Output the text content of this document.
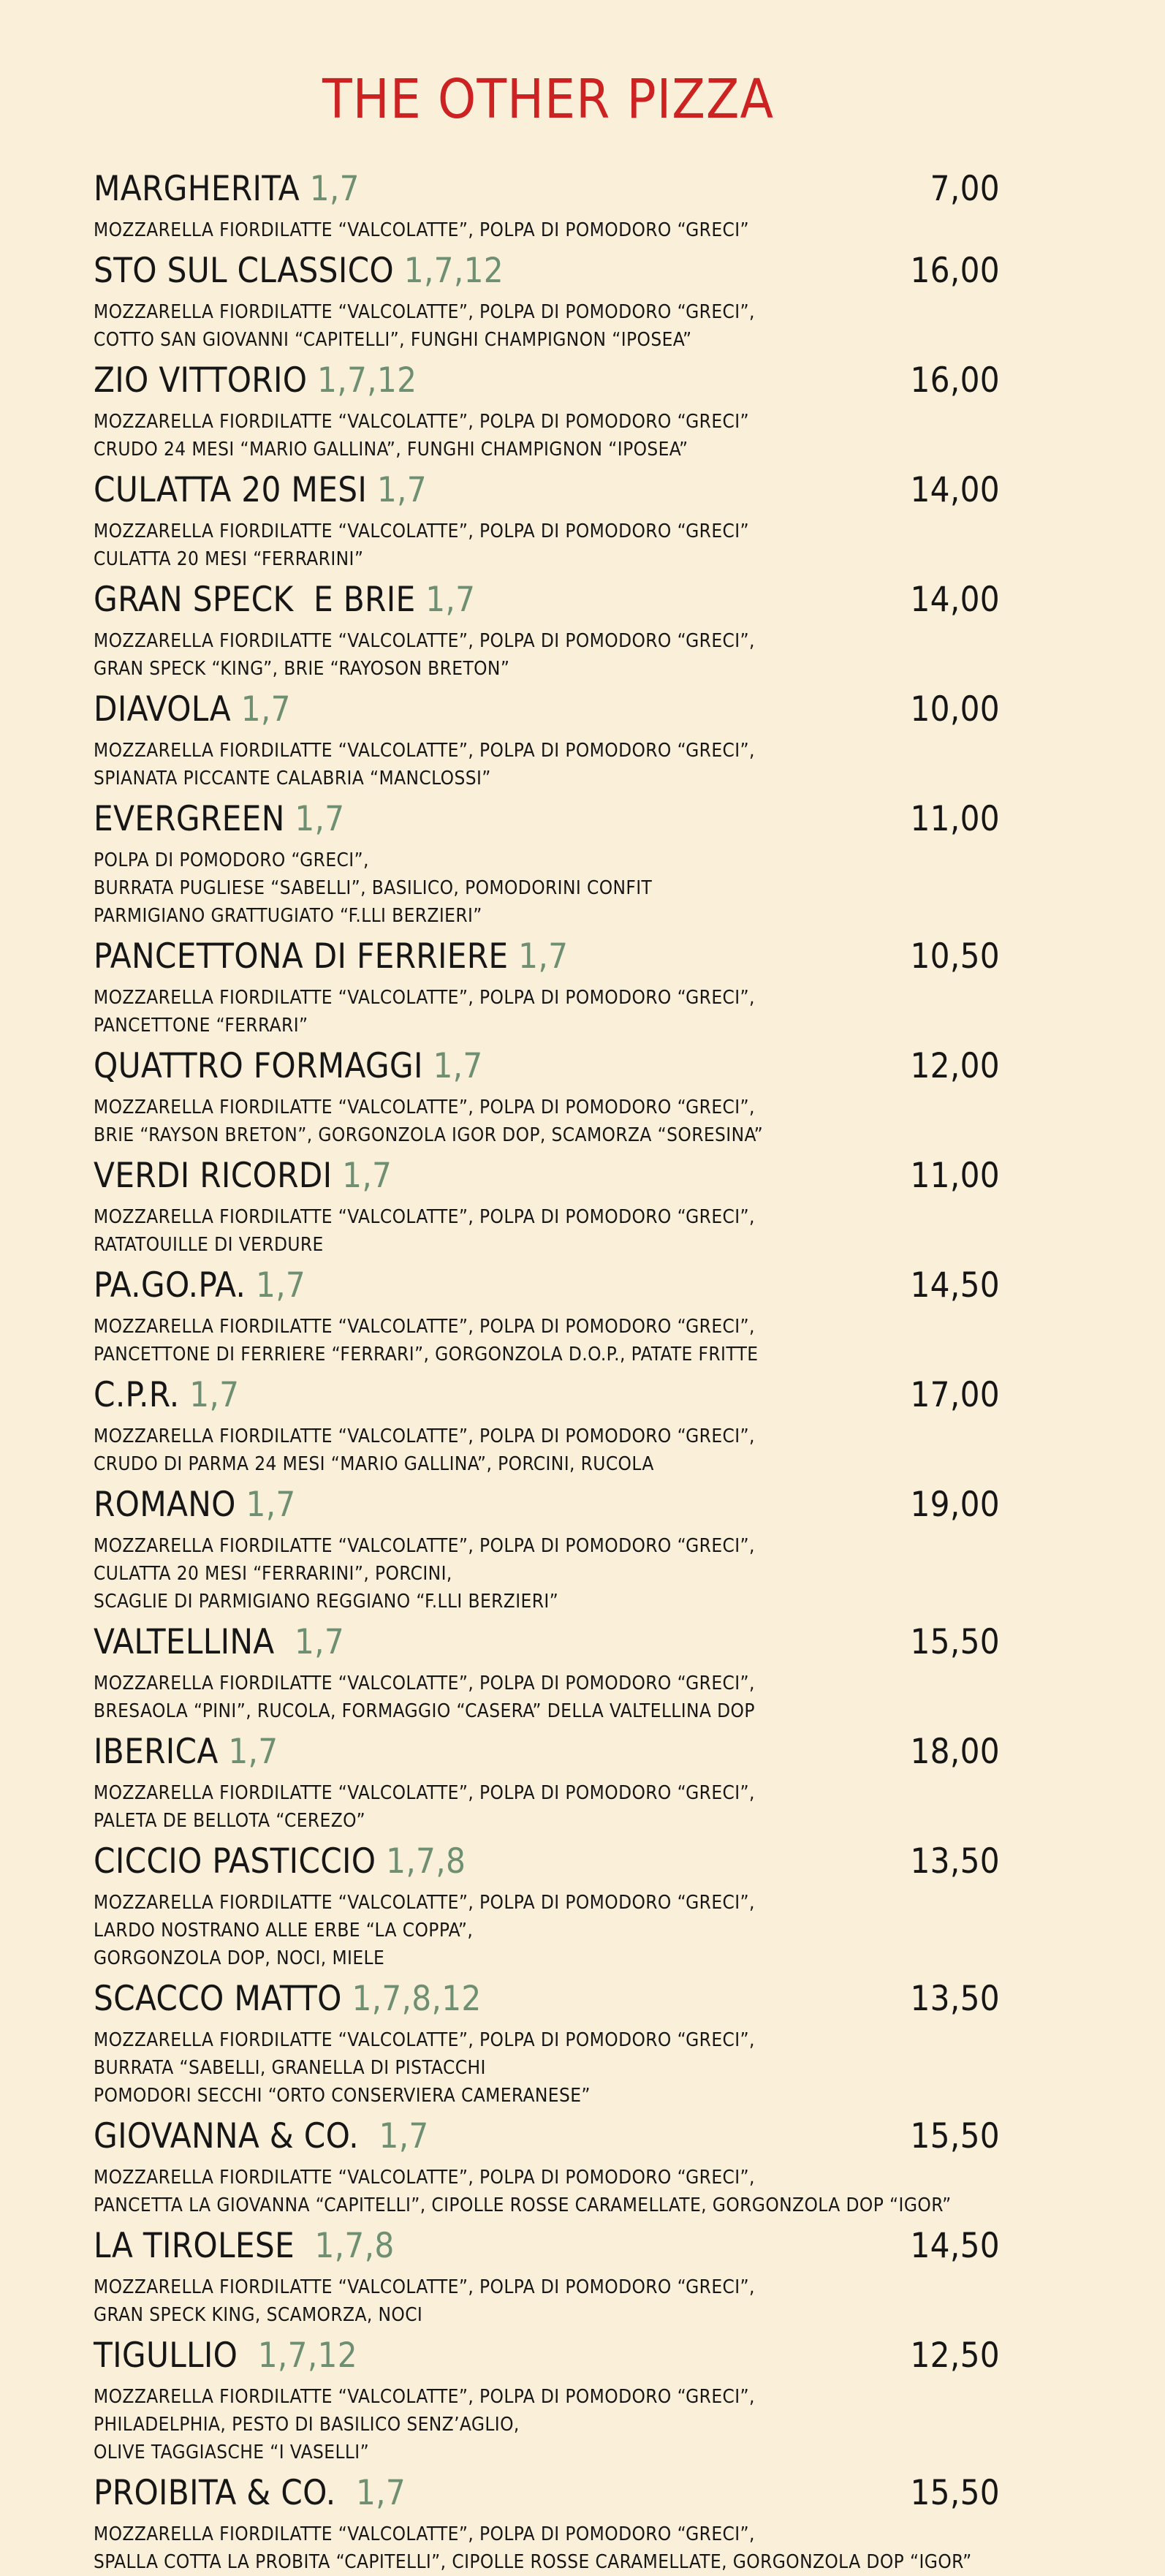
THE OTHER PIZZA
MARGHERITA 1,7	7,00

MOZZARELLA FIORDILATTE “VALCOLATTE”, POLPA DI POMODORO “GRECI”

STO SUL CLASSICO 1,7,12	16,00

MOZZARELLA FIORDILATTE “VALCOLATTE”, POLPA DI POMODORO “GRECI”,

COTTO SAN GIOVANNI “CAPITELLI”, FUNGHI CHAMPIGNON “IPOSEA”

ZIO VITTORIO 1,7,12	16,00

MOZZARELLA FIORDILATTE “VALCOLATTE”, POLPA DI POMODORO “GRECI”

CRUDO 24 MESI “MARIO GALLINA”, FUNGHI CHAMPIGNON “IPOSEA”

CULATTA 20 MESI 1,7	14,00

MOZZARELLA FIORDILATTE “VALCOLATTE”, POLPA DI POMODORO “GRECI”

CULATTA 20 MESI “FERRARINI”

GRAN SPECK  E BRIE 1,7	14,00

MOZZARELLA FIORDILATTE “VALCOLATTE”, POLPA DI POMODORO “GRECI”,

GRAN SPECK “KING”, BRIE “RAYOSON BRETON”

DIAVOLA 1,7	10,00

MOZZARELLA FIORDILATTE “VALCOLATTE”, POLPA DI POMODORO “GRECI”,

SPIANATA PICCANTE CALABRIA “MANCLOSSI”

EVERGREEN 1,7	11,00

POLPA DI POMODORO “GRECI”,

BURRATA PUGLIESE “SABELLI”, BASILICO, POMODORINI CONFIT

PARMIGIANO GRATTUGIATO “F.LLI BERZIERI”

PANCETTONA DI FERRIERE 1,7	10,50

MOZZARELLA FIORDILATTE “VALCOLATTE”, POLPA DI POMODORO “GRECI”,

PANCETTONE “FERRARI”

QUATTRO FORMAGGI 1,7	12,00

MOZZARELLA FIORDILATTE “VALCOLATTE”, POLPA DI POMODORO “GRECI”,

BRIE “RAYSON BRETON”, GORGONZOLA IGOR DOP, SCAMORZA “SORESINA”

VERDI RICORDI 1,7	11,00

MOZZARELLA FIORDILATTE “VALCOLATTE”, POLPA DI POMODORO “GRECI”,

RATATOUILLE DI VERDURE

PA.GO.PA. 1,7	14,50

MOZZARELLA FIORDILATTE “VALCOLATTE”, POLPA DI POMODORO “GRECI”,

PANCETTONE DI FERRIERE “FERRARI”, GORGONZOLA D.O.P., PATATE FRITTE

C.P.R. 1,7	17,00

MOZZARELLA FIORDILATTE “VALCOLATTE”, POLPA DI POMODORO “GRECI”,

CRUDO DI PARMA 24 MESI “MARIO GALLINA”, PORCINI, RUCOLA

ROMANO 1,7	19,00

MOZZARELLA FIORDILATTE “VALCOLATTE”, POLPA DI POMODORO “GRECI”,

CULATTA 20 MESI “FERRARINI”, PORCINI,

SCAGLIE DI PARMIGIANO REGGIANO “F.LLI BERZIERI”

VALTELLINA  1,7	15,50

MOZZARELLA FIORDILATTE “VALCOLATTE”, POLPA DI POMODORO “GRECI”,

BRESAOLA “PINI”, RUCOLA, FORMAGGIO “CASERA” DELLA VALTELLINA DOP

IBERICA 1,7	18,00

MOZZARELLA FIORDILATTE “VALCOLATTE”, POLPA DI POMODORO “GRECI”,

PALETA DE BELLOTA “CEREZO”

CICCIO PASTICCIO 1,7,8	13,50

MOZZARELLA FIORDILATTE “VALCOLATTE”, POLPA DI POMODORO “GRECI”,

LARDO NOSTRANO ALLE ERBE “LA COPPA”,

GORGONZOLA DOP, NOCI, MIELE

SCACCO MATTO 1,7,8,12	13,50

MOZZARELLA FIORDILATTE “VALCOLATTE”, POLPA DI POMODORO “GRECI”,

BURRATA “SABELLI, GRANELLA DI PISTACCHI

POMODORI SECCHI “ORTO CONSERVIERA CAMERANESE”

GIOVANNA & CO.  1,7	15,50

MOZZARELLA FIORDILATTE “VALCOLATTE”, POLPA DI POMODORO “GRECI”,

PANCETTA LA GIOVANNA “CAPITELLI”, CIPOLLE ROSSE CARAMELLATE, GORGONZOLA DOP “IGOR”

LA TIROLESE  1,7,8	14,50

MOZZARELLA FIORDILATTE “VALCOLATTE”, POLPA DI POMODORO “GRECI”,

GRAN SPECK KING, SCAMORZA, NOCI

TIGULLIO  1,7,12	12,50

MOZZARELLA FIORDILATTE “VALCOLATTE”, POLPA DI POMODORO “GRECI”,

PHILADELPHIA, PESTO DI BASILICO SENZ’AGLIO,

OLIVE TAGGIASCHE “I VASELLI”

PROIBITA & CO.  1,7	15,50

MOZZARELLA FIORDILATTE “VALCOLATTE”, POLPA DI POMODORO “GRECI”,

SPALLA COTTA LA PROBITA “CAPITELLI”, CIPOLLE ROSSE CARAMELLATE, GORGONZOLA DOP “IGOR”
